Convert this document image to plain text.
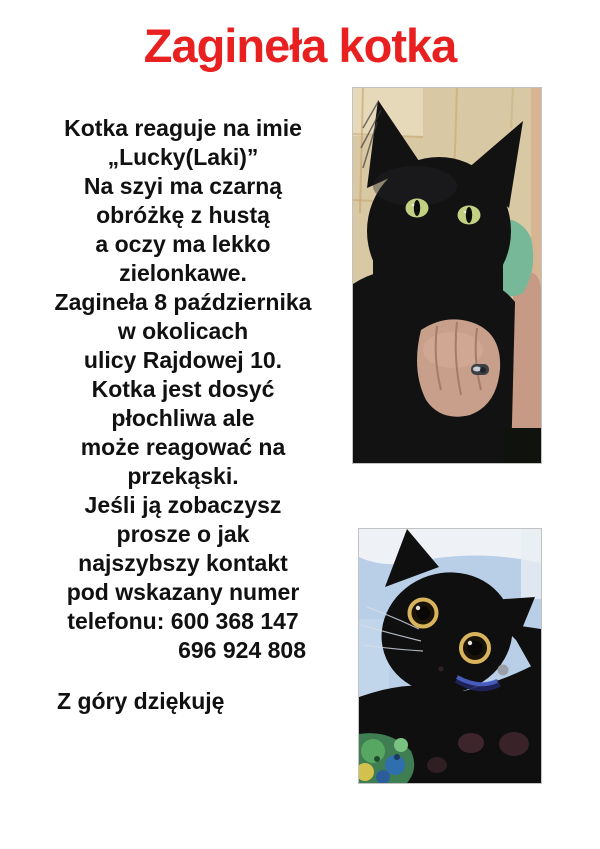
Zagineła kotka
Kotka reaguje na imie
„Lucky(Laki)”
Na szyi ma czarną
obróżkę z hustą
a oczy ma lekko
zielonkawe.
Zagineła 8 października
w okolicach
ulicy Rajdowej 10.
Kotka jest dosyć
płochliwa ale
może reagować na
przekąski.
Jeśli ją zobaczysz
prosze o jak
najszybszy kontakt
pod wskazany numer
telefonu: 600 368 147
696 924 808
Z góry dziękuję
